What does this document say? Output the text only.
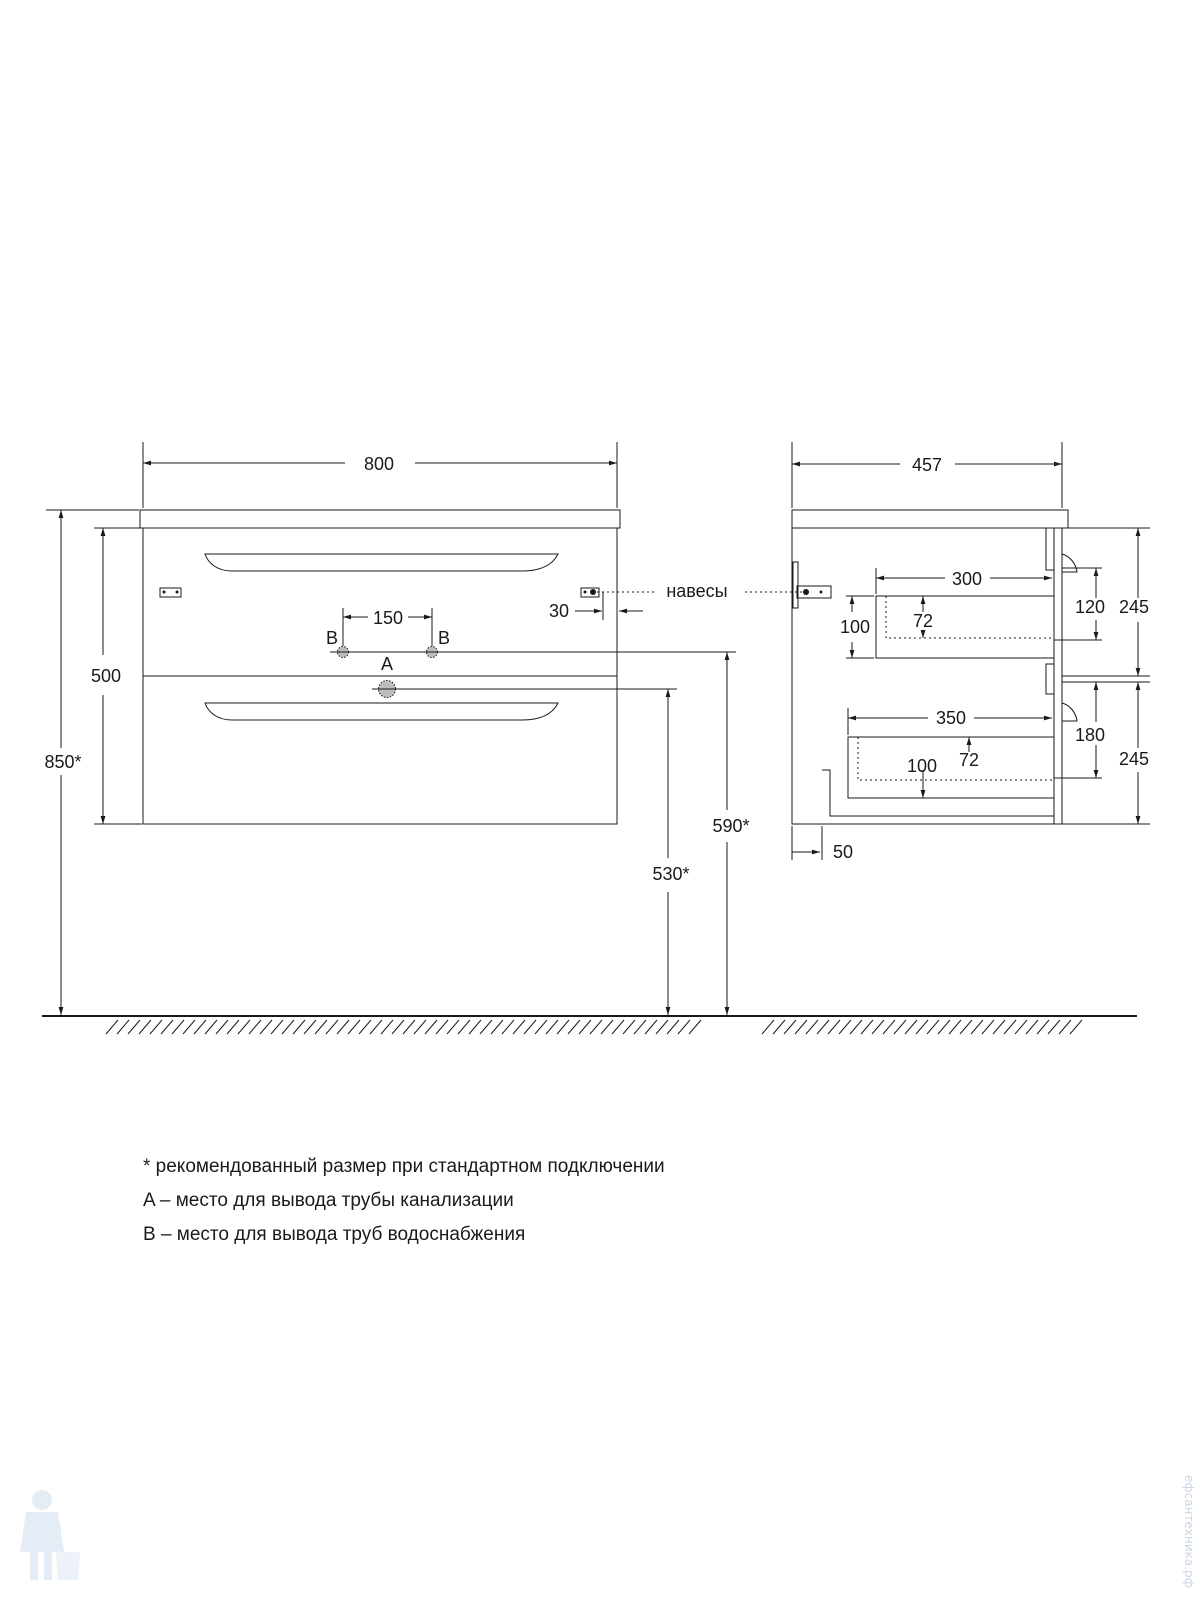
B	B
A
800
150	30
навесы
500
850*
590*
530*
457
300
350
100 72
100 72
120
180
245
245
50
* рекомендованный размер при стандартном подключении
A – место для вывода трубы канализации
B – место для вывода труб водоснабжения
ефсантехника.рф
